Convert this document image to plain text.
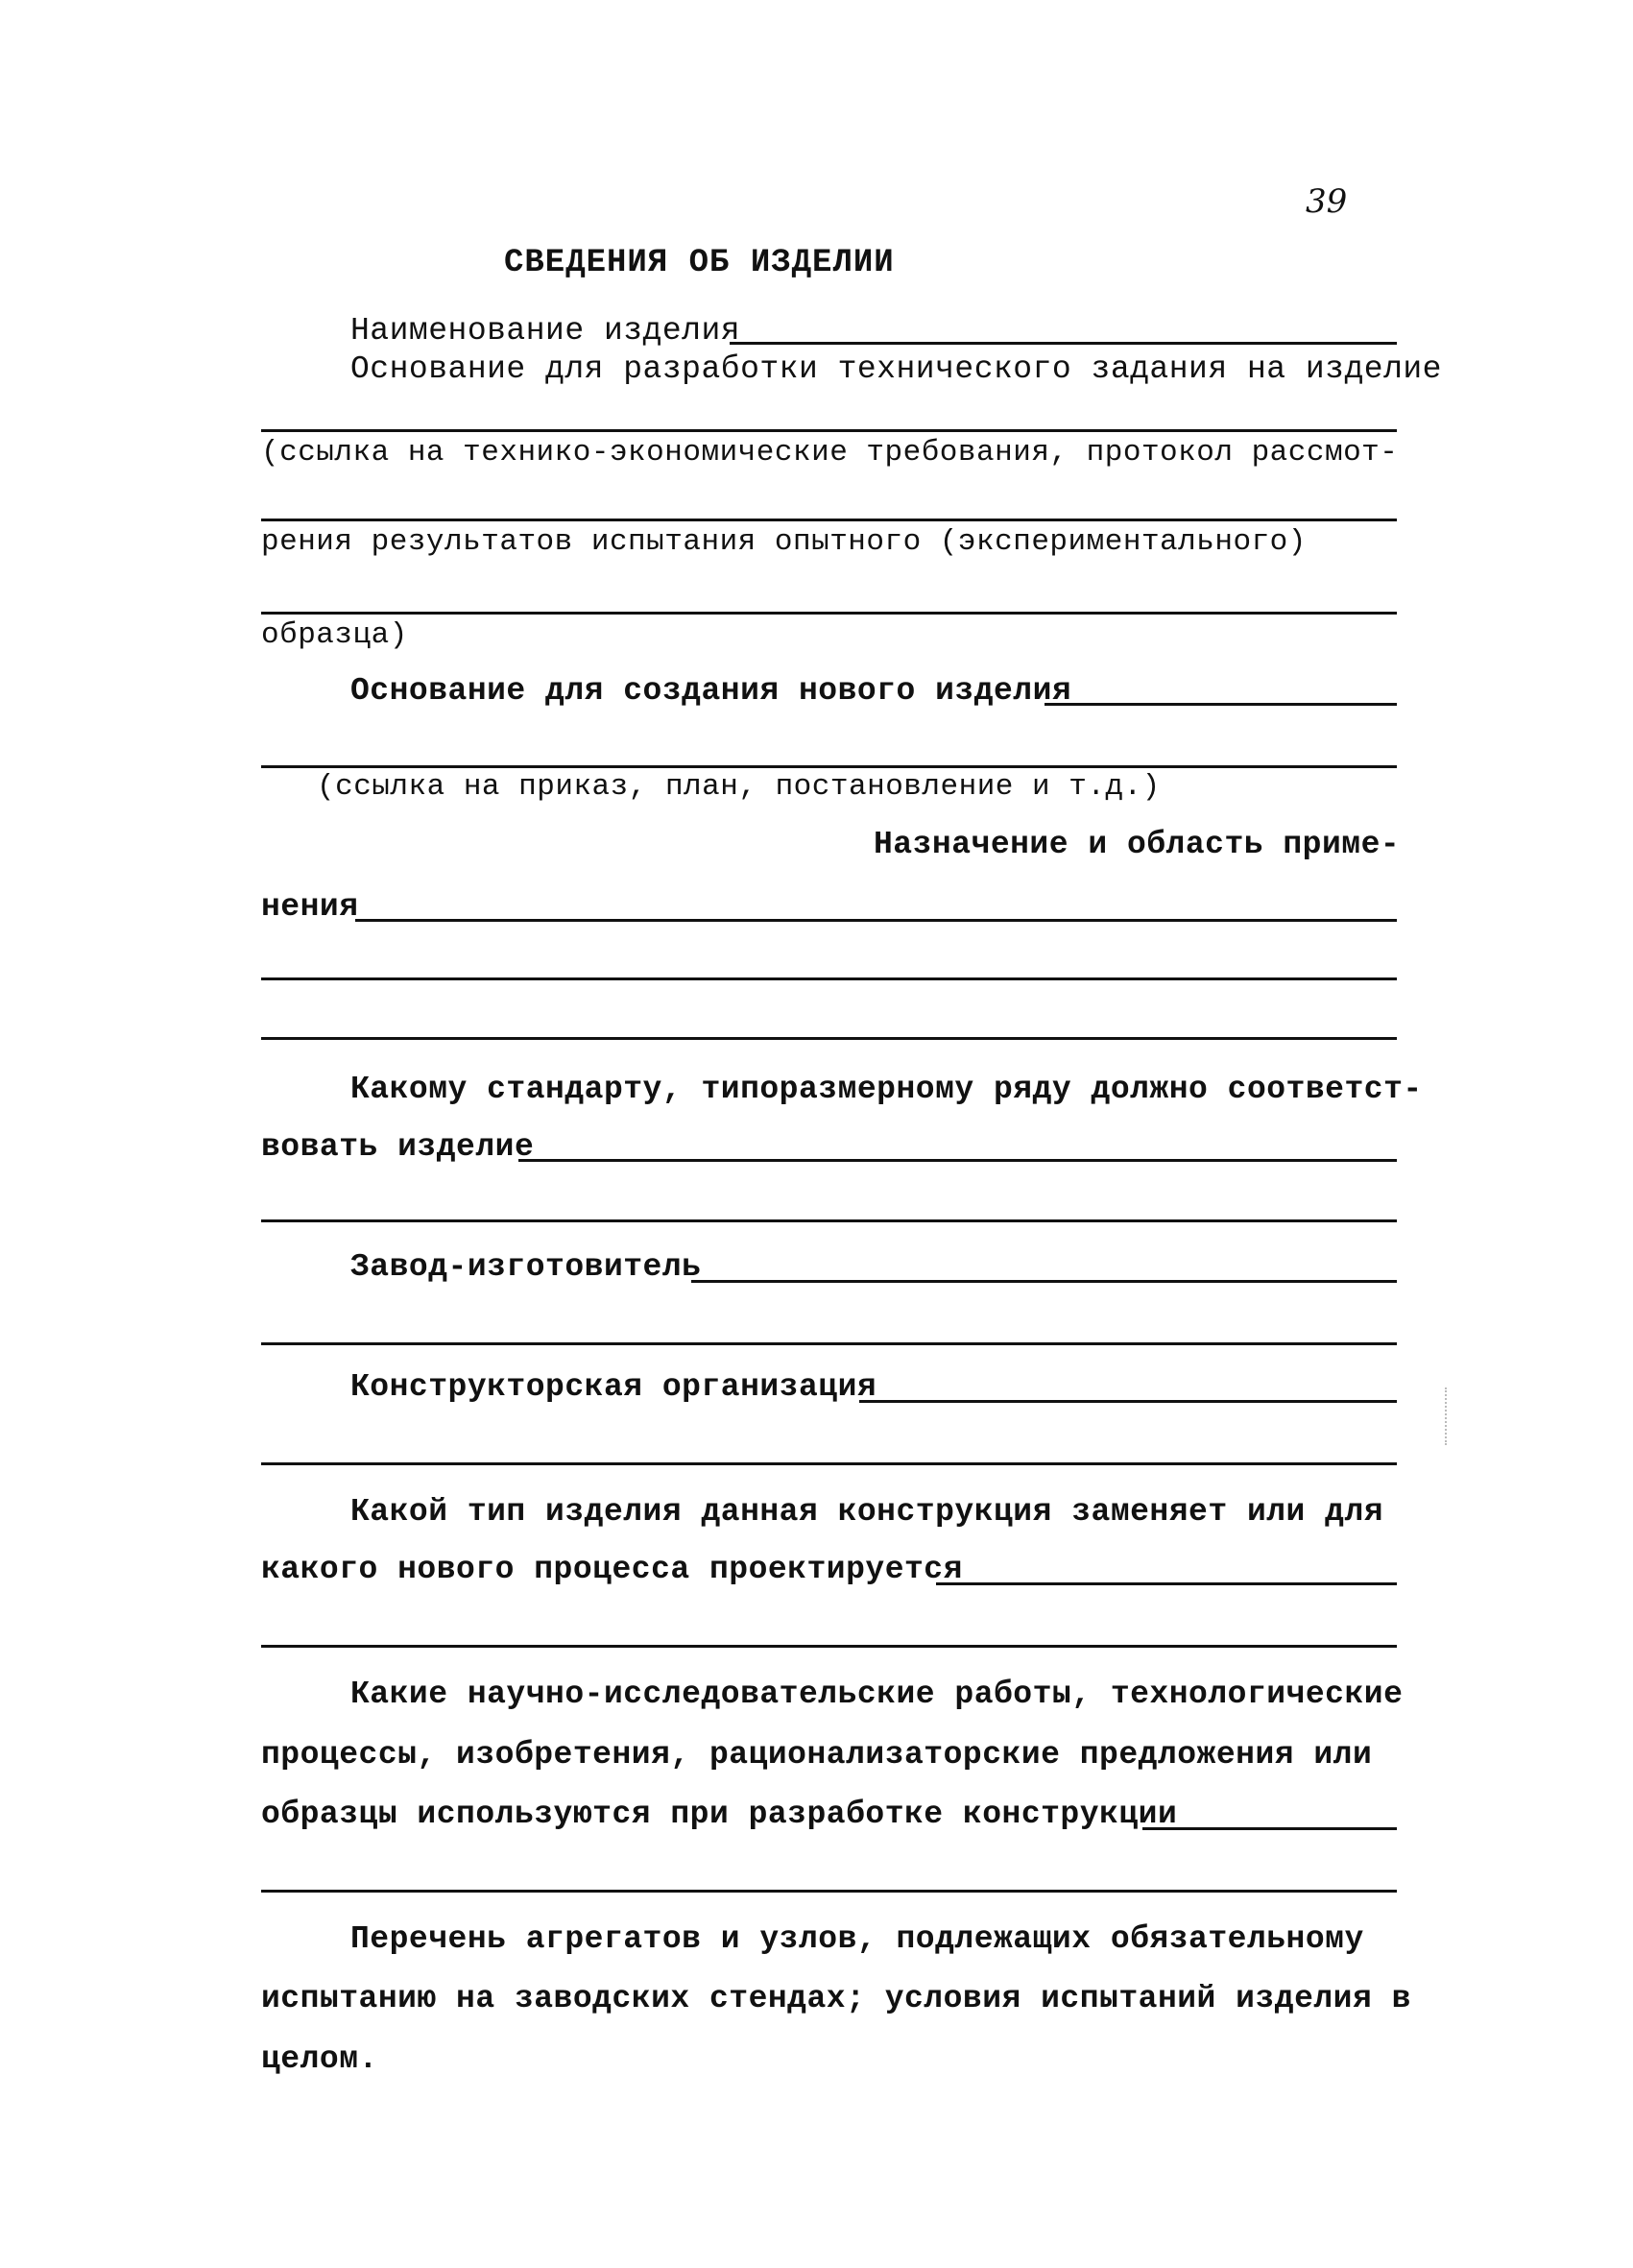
39
СВЕДЕНИЯ ОБ ИЗДЕЛИИ
Наименование изделия
Основание для разработки технического задания на изделие
(ссылка на технико-экономические требования, протокол рассмот-
рения результатов испытания опытного (экспериментального)
образца)
Основание для создания нового изделия
(ссылка на приказ, план, постановление и т.д.)
Назначение и область приме-
нения
Какому стандарту, типоразмерному ряду должно соответст-
вовать изделие
Завод-изготовитель
Конструкторская организация
Какой тип изделия данная конструкция заменяет или для
какого нового процесса проектируется
Какие научно-исследовательские работы, технологические
процессы, изобретения, рационализаторские предложения или
образцы используются при разработке конструкции
Перечень агрегатов и узлов, подлежащих обязательному
испытанию на заводских стендах; условия испытаний изделия в
целом.
